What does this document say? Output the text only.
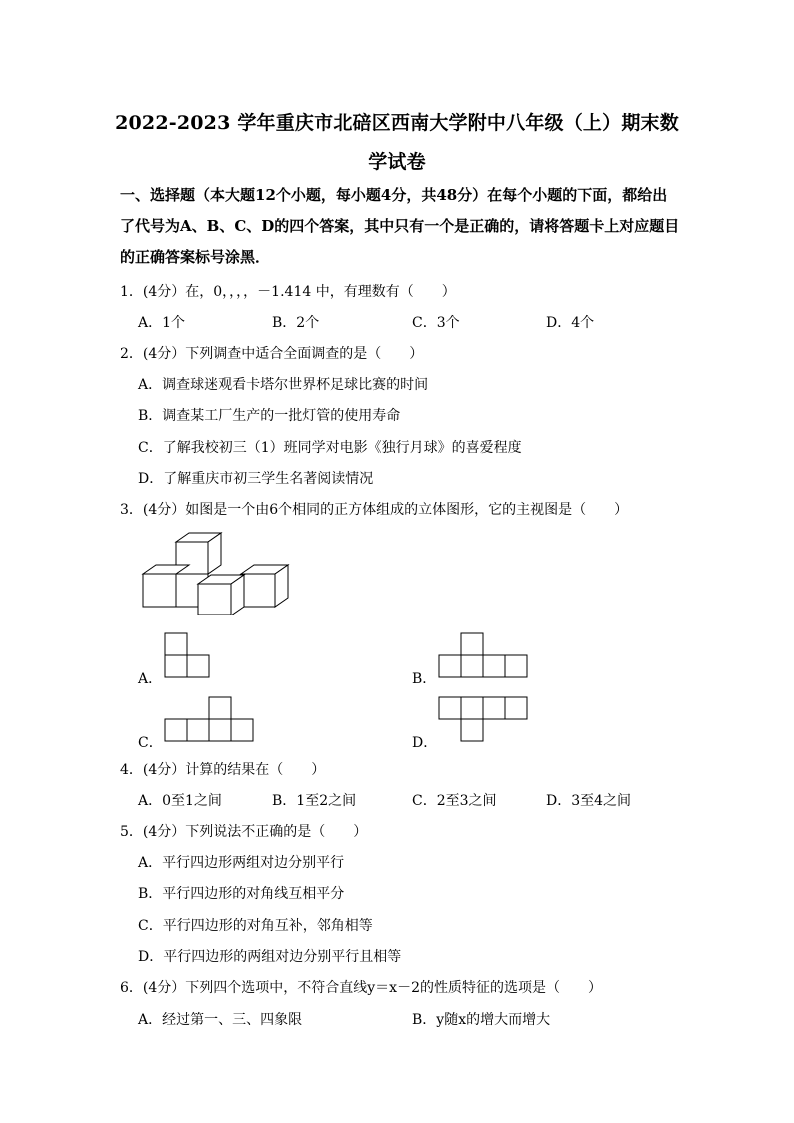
2022-2023 学年重庆市北碚区西南大学附中八年级（上）期末数
学试卷
一、选择题（本大题12个小题，每小题4分，共48分）在每个小题的下面，都给出了代号为A、B、C、D的四个答案，其中只有一个是正确的，请将答题卡上对应题目的正确答案标号涂黑．
1．(4分）在，0，，，，－1.414 中，有理数有（　　）
A．1个	B．2个	C．3个	D．4个
2．(4分）下列调查中适合全面调查的是（　　）
A．调查球迷观看卡塔尔世界杯足球比赛的时间
B．调查某工厂生产的一批灯管的使用寿命
C．了解我校初三（1）班同学对电影《独行月球》的喜爱程度
D．了解重庆市初三学生名著阅读情况
3．(4分）如图是一个由6个相同的正方体组成的立体图形，它的主视图是（　　）
A．	B．
C．	D．
4．(4分）计算的结果在（　　）
A．0至1之间	B．1至2之间	C．2至3之间	D．3至4之间
5．(4分）下列说法不正确的是（　　）
A．平行四边形两组对边分别平行
B．平行四边形的对角线互相平分
C．平行四边形的对角互补，邻角相等
D．平行四边形的两组对边分别平行且相等
6．(4分）下列四个选项中，不符合直线y＝x－2的性质特征的选项是（　　）
A．经过第一、三、四象限	B．y随x的增大而增大
